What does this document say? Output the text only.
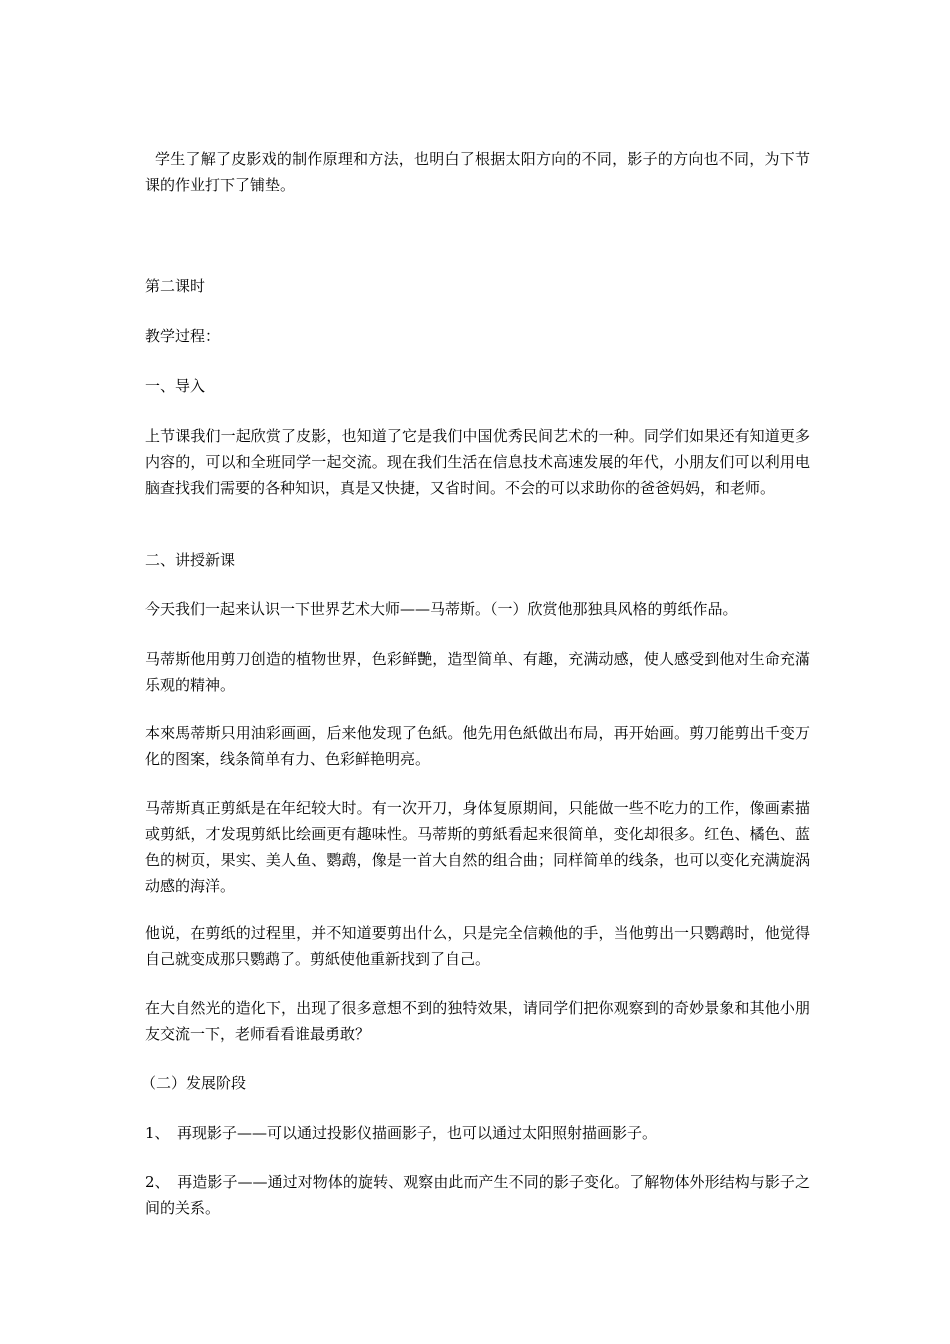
学生了解了皮影戏的制作原理和方法，也明白了根据太阳方向的不同，影子的方向也不同，为下节课的作业打下了铺垫。

第二课时

教学过程：

一、导入

上节课我们一起欣赏了皮影，也知道了它是我们中国优秀民间艺术的一种。同学们如果还有知道更多内容的，可以和全班同学一起交流。现在我们生活在信息技术高速发展的年代，小朋友们可以利用电脑查找我们需要的各种知识，真是又快捷，又省时间。不会的可以求助你的爸爸妈妈，和老师。

二、讲授新课

今天我们一起来认识一下世界艺术大师——马蒂斯。（一）欣赏他那独具风格的剪纸作品。

马蒂斯他用剪刀创造的植物世界，色彩鲜艷，造型简单、有趣，充满动感，使人感受到他对生命充滿乐观的精神。

本來馬蒂斯只用油彩画画，后来他发现了色紙。他先用色紙做出布局，再开始画。剪刀能剪出千变万化的图案，线条简单有力、色彩鲜艳明亮。

马蒂斯真正剪紙是在年纪较大时。有一次开刀，身体复原期间，只能做一些不吃力的工作，像画素描或剪紙，才发現剪紙比绘画更有趣味性。马蒂斯的剪紙看起来很简单，变化却很多。红色、橘色、蓝色的树页，果实、美人鱼、鹦鹉，像是一首大自然的组合曲；同样简单的线条，也可以变化充满旋涡动感的海洋。

他说，在剪纸的过程里，并不知道要剪出什么，只是完全信赖他的手，当他剪出一只鹦鹉时，他觉得自己就变成那只鹦鹉了。剪紙使他重新找到了自己。

在大自然光的造化下，出现了很多意想不到的独特效果，请同学们把你观察到的奇妙景象和其他小朋友交流一下，老师看看谁最勇敢？

（二）发展阶段

1、　再现影子——可以通过投影仪描画影子，也可以通过太阳照射描画影子。

2、　再造影子——通过对物体的旋转、观察由此而产生不同的影子变化。了解物体外形结构与影子之间的关系。
